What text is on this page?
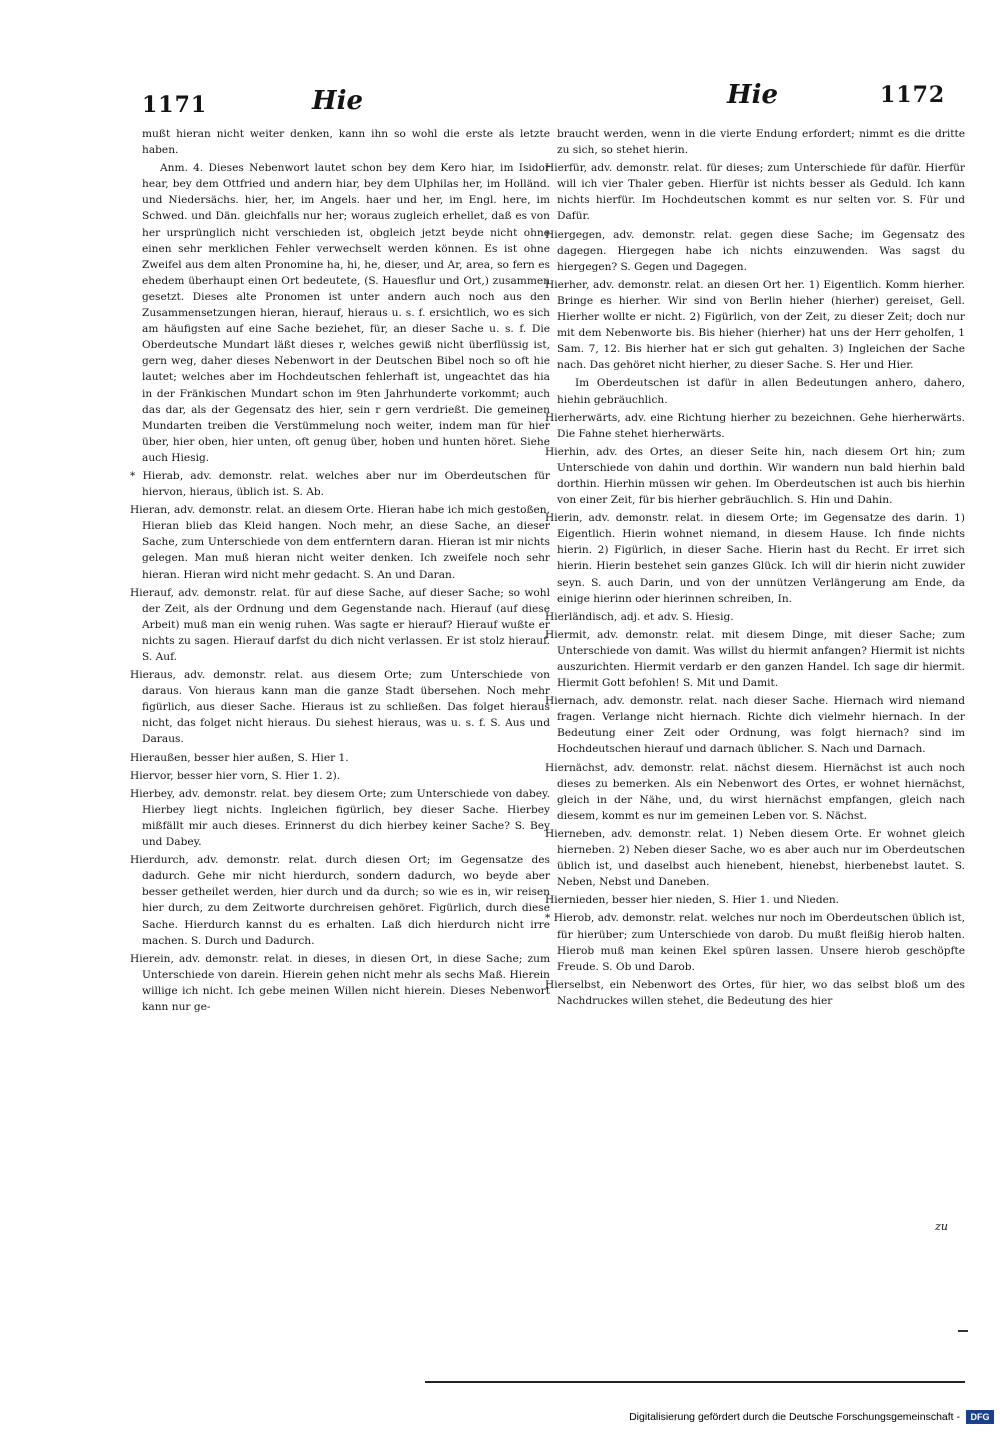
1171	Hie	Hie	1172

mußt hieran nicht weiter denken, kann ihn so wohl die erste als letzte haben.

Anm. 4. Dieses Nebenwort lautet schon bey dem Kero hiar, im Isidor hear, bey dem Ottfried und andern hiar, bey dem Ulphilas her, im Holländ. und Niedersächs. hier, her, im Angels. haer und her, im Engl. here, im Schwed. und Dän. gleichfalls nur her; woraus zugleich erhellet, daß es von her ursprünglich nicht verschieden ist, obgleich jetzt beyde nicht ohne einen sehr merklichen Fehler verwechselt werden können. Es ist ohne Zweifel aus dem alten Pronomine ha, hi, he, dieser, und Ar, area, so fern es ehedem überhaupt einen Ort bedeutete, (S. Hauesflur und Ort,) zusammen gesetzt. Dieses alte Pronomen ist unter andern auch noch aus den Zusammensetzungen hieran, hierauf, hieraus u. s. f. ersichtlich, wo es sich am häufigsten auf eine Sache beziehet, für, an dieser Sache u. s. f. Die Oberdeutsche Mundart läßt dieses r, welches gewiß nicht überflüssig ist, gern weg, daher dieses Nebenwort in der Deutschen Bibel noch so oft hie lautet; welches aber im Hochdeutschen fehlerhaft ist, ungeachtet das hia in der Fränkischen Mundart schon im 9ten Jahrhunderte vorkommt; auch das dar, als der Gegensatz des hier, sein r gern verdrießt. Die gemeinen Mundarten treiben die Verstümmelung noch weiter, indem man für hier über, hier oben, hier unten, oft genug über, hoben und hunten höret. Siehe auch Hiesig.

* Hierab, adv. demonstr. relat. welches aber nur im Oberdeutschen für hiervon, hieraus, üblich ist. S. Ab.

Hieran, adv. demonstr. relat. an diesem Orte. Hieran habe ich mich gestoßen. Hieran blieb das Kleid hangen. Noch mehr, an diese Sache, an dieser Sache, zum Unterschiede von dem entferntern daran. Hieran ist mir nichts gelegen. Man muß hieran nicht weiter denken. Ich zweifele noch sehr hieran. Hieran wird nicht mehr gedacht. S. An und Daran.

Hierauf, adv. demonstr. relat. für auf diese Sache, auf dieser Sache; so wohl der Zeit, als der Ordnung und dem Gegenstande nach. Hierauf (auf diese Arbeit) muß man ein wenig ruhen. Was sagte er hierauf? Hierauf wußte er nichts zu sagen. Hierauf darfst du dich nicht verlassen. Er ist stolz hierauf. S. Auf.

Hieraus, adv. demonstr. relat. aus diesem Orte; zum Unterschiede von daraus. Von hieraus kann man die ganze Stadt übersehen. Noch mehr figürlich, aus dieser Sache. Hieraus ist zu schließen. Das folget hieraus nicht, das folget nicht hieraus. Du siehest hieraus, was u. s. f. S. Aus und Daraus.

Hieraußen, besser hier außen, S. Hier 1.

Hiervor, besser hier vorn, S. Hier 1. 2).

Hierbey, adv. demonstr. relat. bey diesem Orte; zum Unterschiede von dabey. Hierbey liegt nichts. Ingleichen figürlich, bey dieser Sache. Hierbey mißfällt mir auch dieses. Erinnerst du dich hierbey keiner Sache? S. Bey und Dabey.

Hierdurch, adv. demonstr. relat. durch diesen Ort; im Gegensatze des dadurch. Gehe mir nicht hierdurch, sondern dadurch, wo beyde aber besser getheilet werden, hier durch und da durch; so wie es in, wir reisen hier durch, zu dem Zeitworte durchreisen gehöret. Figürlich, durch diese Sache. Hierdurch kannst du es erhalten. Laß dich hierdurch nicht irre machen. S. Durch und Dadurch.

Hierein, adv. demonstr. relat. in dieses, in diesen Ort, in diese Sache; zum Unterschiede von darein. Hierein gehen nicht mehr als sechs Maß. Hierein willige ich nicht. Ich gebe meinen Willen nicht hierein. Dieses Nebenwort kann nur ge-

braucht werden, wenn in die vierte Endung erfordert; nimmt es die dritte zu sich, so stehet hierin.

Hierfür, adv. demonstr. relat. für dieses; zum Unterschiede für dafür. Hierfür will ich vier Thaler geben. Hierfür ist nichts besser als Geduld. Ich kann nichts hierfür. Im Hochdeutschen kommt es nur selten vor. S. Für und Dafür.

Hiergegen, adv. demonstr. relat. gegen diese Sache; im Gegensatz des dagegen. Hiergegen habe ich nichts einzuwenden. Was sagst du hiergegen? S. Gegen und Dagegen.

Hierher, adv. demonstr. relat. an diesen Ort her. 1) Eigentlich. Komm hierher. Bringe es hierher. Wir sind von Berlin hieher (hierher) gereiset, Gell. Hierher wollte er nicht. 2) Figürlich, von der Zeit, zu dieser Zeit; doch nur mit dem Nebenworte bis. Bis hieher (hierher) hat uns der Herr geholfen, 1 Sam. 7, 12. Bis hierher hat er sich gut gehalten. 3) Ingleichen der Sache nach. Das gehöret nicht hierher, zu dieser Sache. S. Her und Hier.

Im Oberdeutschen ist dafür in allen Bedeutungen anhero, dahero, hiehin gebräuchlich.

Hierherwärts, adv. eine Richtung hierher zu bezeichnen. Gehe hierherwärts. Die Fahne stehet hierherwärts.

Hierhin, adv. des Ortes, an dieser Seite hin, nach diesem Ort hin; zum Unterschiede von dahin und dorthin. Wir wandern nun bald hierhin bald dorthin. Hierhin müssen wir gehen. Im Oberdeutschen ist auch bis hierhin von einer Zeit, für bis hierher gebräuchlich. S. Hin und Dahin.

Hierin, adv. demonstr. relat. in diesem Orte; im Gegensatze des darin. 1) Eigentlich. Hierin wohnet niemand, in diesem Hause. Ich finde nichts hierin. 2) Figürlich, in dieser Sache. Hierin hast du Recht. Er irret sich hierin. Hierin bestehet sein ganzes Glück. Ich will dir hierin nicht zuwider seyn. S. auch Darin, und von der unnützen Verlängerung am Ende, da einige hierinn oder hierinnen schreiben, In.

Hierländisch, adj. et adv. S. Hiesig.

Hiermit, adv. demonstr. relat. mit diesem Dinge, mit dieser Sache; zum Unterschiede von damit. Was willst du hiermit anfangen? Hiermit ist nichts auszurichten. Hiermit verdarb er den ganzen Handel. Ich sage dir hiermit. Hiermit Gott befohlen! S. Mit und Damit.

Hiernach, adv. demonstr. relat. nach dieser Sache. Hiernach wird niemand fragen. Verlange nicht hiernach. Richte dich vielmehr hiernach. In der Bedeutung einer Zeit oder Ordnung, was folgt hiernach? sind im Hochdeutschen hierauf und darnach üblicher. S. Nach und Darnach.

Hiernächst, adv. demonstr. relat. nächst diesem. Hiernächst ist auch noch dieses zu bemerken. Als ein Nebenwort des Ortes, er wohnet hiernächst, gleich in der Nähe, und, du wirst hiernächst empfangen, gleich nach diesem, kommt es nur im gemeinen Leben vor. S. Nächst.

Hierneben, adv. demonstr. relat. 1) Neben diesem Orte. Er wohnet gleich hierneben. 2) Neben dieser Sache, wo es aber auch nur im Oberdeutschen üblich ist, und daselbst auch hienebent, hienebst, hierbenebst lautet. S. Neben, Nebst und Daneben.

Hiernieden, besser hier nieden, S. Hier 1. und Nieden.

* Hierob, adv. demonstr. relat. welches nur noch im Oberdeutschen üblich ist, für hierüber; zum Unterschiede von darob. Du mußt fleißig hierob halten. Hierob muß man keinen Ekel spüren lassen. Unsere hierob geschöpfte Freude. S. Ob und Darob.

Hierselbst, ein Nebenwort des Ortes, für hier, wo das selbst bloß um des Nachdruckes willen stehet, die Bedeutung des hier

zu
Digitalisierung gefördert durch die Deutsche Forschungsgemeinschaft -	DFG
